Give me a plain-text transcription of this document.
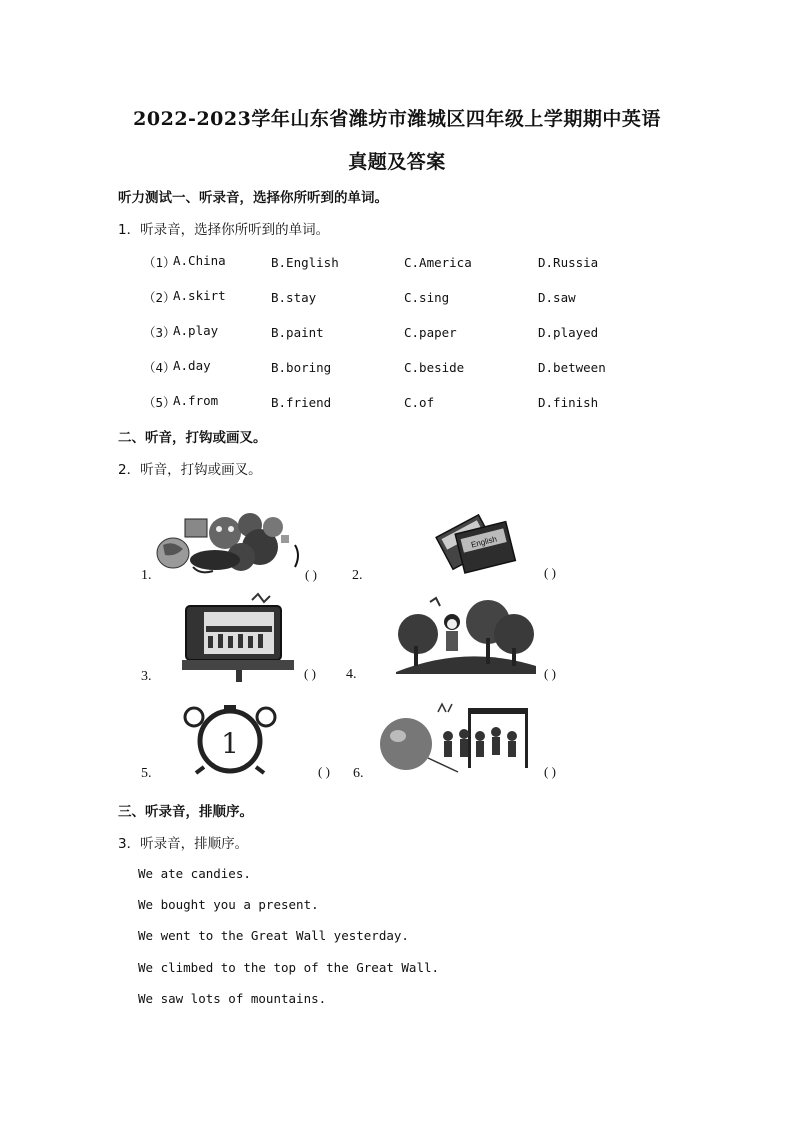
2022-2023学年山东省潍坊市潍城区四年级上学期期中英语
真题及答案
听力测试一、听录音，选择你所听到的单词。
1．听录音，选择你所听到的单词。
（1）
A.China	B.English	C.America	D.Russia
（2）
A.skirt	B.stay	C.sing	D.saw
（3）
A.play	B.paint	C.paper	D.played
（4）
A.day	B.boring	C.beside	D.between
（5）
A.from	B.friend	C.of	D.finish
二、听音，打钩或画叉。
2．听音，打钩或画叉。
1.	( )	2.
English
( )
3.	( ) 4.	( )
1
5.	( ) 6.	( )
三、听录音，排顺序。
3．听录音，排顺序。
We ate candies.
We bought you a present.
We went to the Great Wall yesterday.
We climbed to the top of the Great Wall.
We saw lots of mountains.
